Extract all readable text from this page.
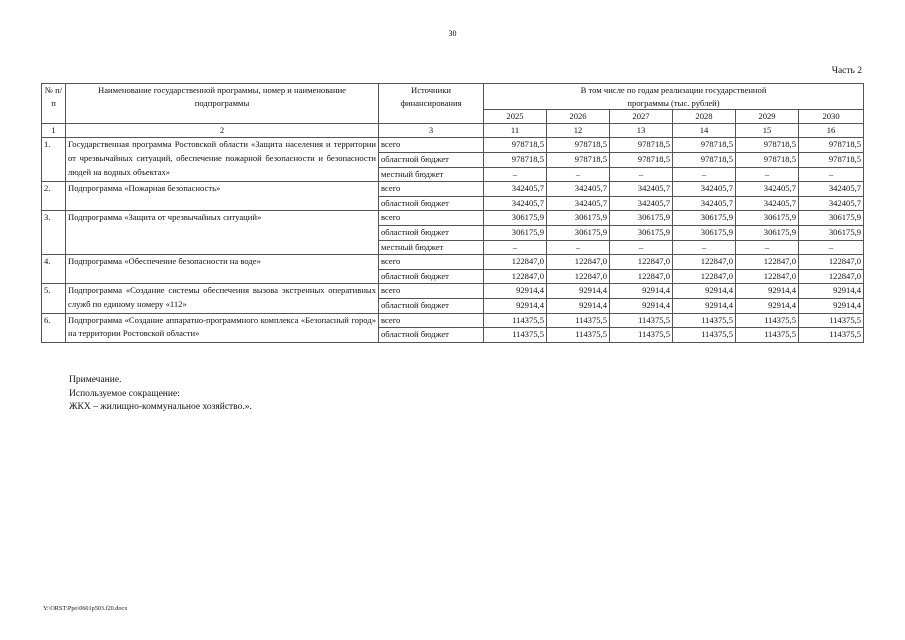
30
Часть 2
№ п/п	Наименование государственной программы, номер и наименование подпрограммы	Источники финансирования	В том числе по годам реализации государственной программы (тыс. рублей)					
			2025	2026	2027	2028	2029	2030
1	2	3	11	12	13	14	15	16
1.	Государственная программа Ростовской области «Защита населения и территории от чрезвычайных ситуаций, обеспечение пожарной безопасности и безопасности людей на водных объектах»	всего	978718,5	978718,5	978718,5	978718,5	978718,5	978718,5
		областной бюджет	978718,5	978718,5	978718,5	978718,5	978718,5	978718,5
		местный бюджет	–	–	–	–	–	–
2.	Подпрограмма «Пожарная безопасность»	всего	342405,7	342405,7	342405,7	342405,7	342405,7	342405,7
		областной бюджет	342405,7	342405,7	342405,7	342405,7	342405,7	342405,7
3.	Подпрограмма «Защита от чрезвычайных ситуаций»	всего	306175,9	306175,9	306175,9	306175,9	306175,9	306175,9
		областной бюджет	306175,9	306175,9	306175,9	306175,9	306175,9	306175,9
		местный бюджет	–	–	–	–	–	–
4.	Подпрограмма «Обеспечение безопасности на воде»	всего	122847,0	122847,0	122847,0	122847,0	122847,0	122847,0
		областной бюджет	122847,0	122847,0	122847,0	122847,0	122847,0	122847,0
5.	Подпрограмма «Создание системы обеспечения вызова экстренных оперативных служб по единому номеру «112»	всего	92914,4	92914,4	92914,4	92914,4	92914,4	92914,4
		областной бюджет	92914,4	92914,4	92914,4	92914,4	92914,4	92914,4
6.	Подпрограмма «Создание аппаратно-программного комплекса «Безопасный город» на территории Ростовской области»	всего	114375,5	114375,5	114375,5	114375,5	114375,5	114375,5
		областной бюджет	114375,5	114375,5	114375,5	114375,5	114375,5	114375,5
Примечание.
Используемое сокращение:
ЖКХ – жилищно-коммунальное хозяйство.».
Y:\ORST\Ppo\0601p503.f20.docx
